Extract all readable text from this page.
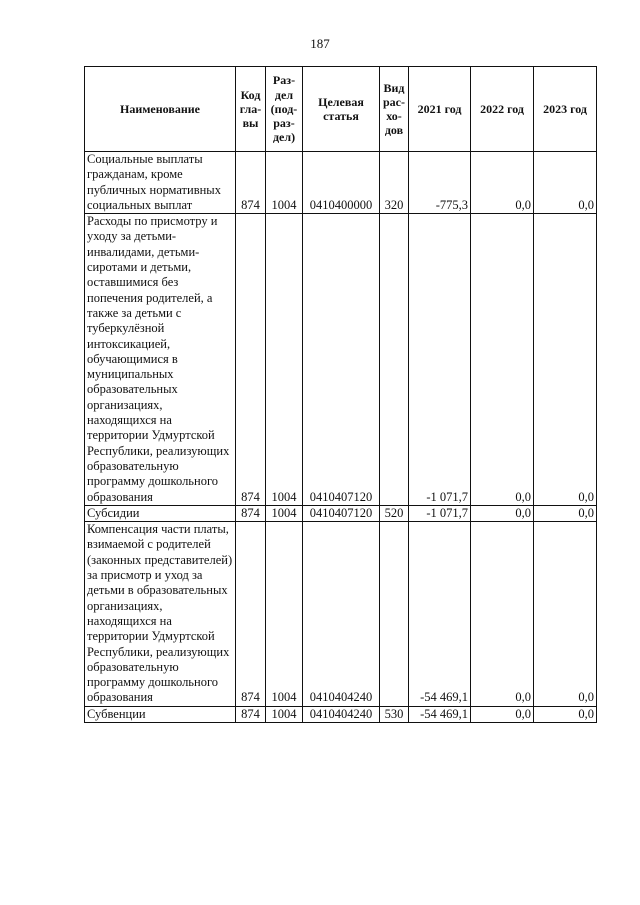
187
Наименование	Код гла- вы	Раз- дел (под- раз- дел)	Целевая статья	Вид рас- хо- дов	2021 год	2022 год	2023 год
Социальные выплаты гражданам, кроме публичных нормативных социальных выплат	874	1004	0410400000	320	-775,3	0,0	0,0
Расходы по присмотру и уходу за детьми-инвалидами, детьми-сиротами и детьми, оставшимися без попечения родителей, а также за детьми с туберкулёзной интоксикацией, обучающимися в муниципальных образовательных организациях, находящихся на территории Удмуртской Республики, реализующих образовательную программу дошкольного образования	874	1004	0410407120		-1 071,7	0,0	0,0
Субсидии	874	1004	0410407120	520	-1 071,7	0,0	0,0
Компенсация части платы, взимаемой с родителей (законных представителей) за присмотр и уход за детьми в образовательных организациях, находящихся на территории Удмуртской Республики, реализующих образовательную программу дошкольного образования	874	1004	0410404240		-54 469,1	0,0	0,0
Субвенции	874	1004	0410404240	530	-54 469,1	0,0	0,0
